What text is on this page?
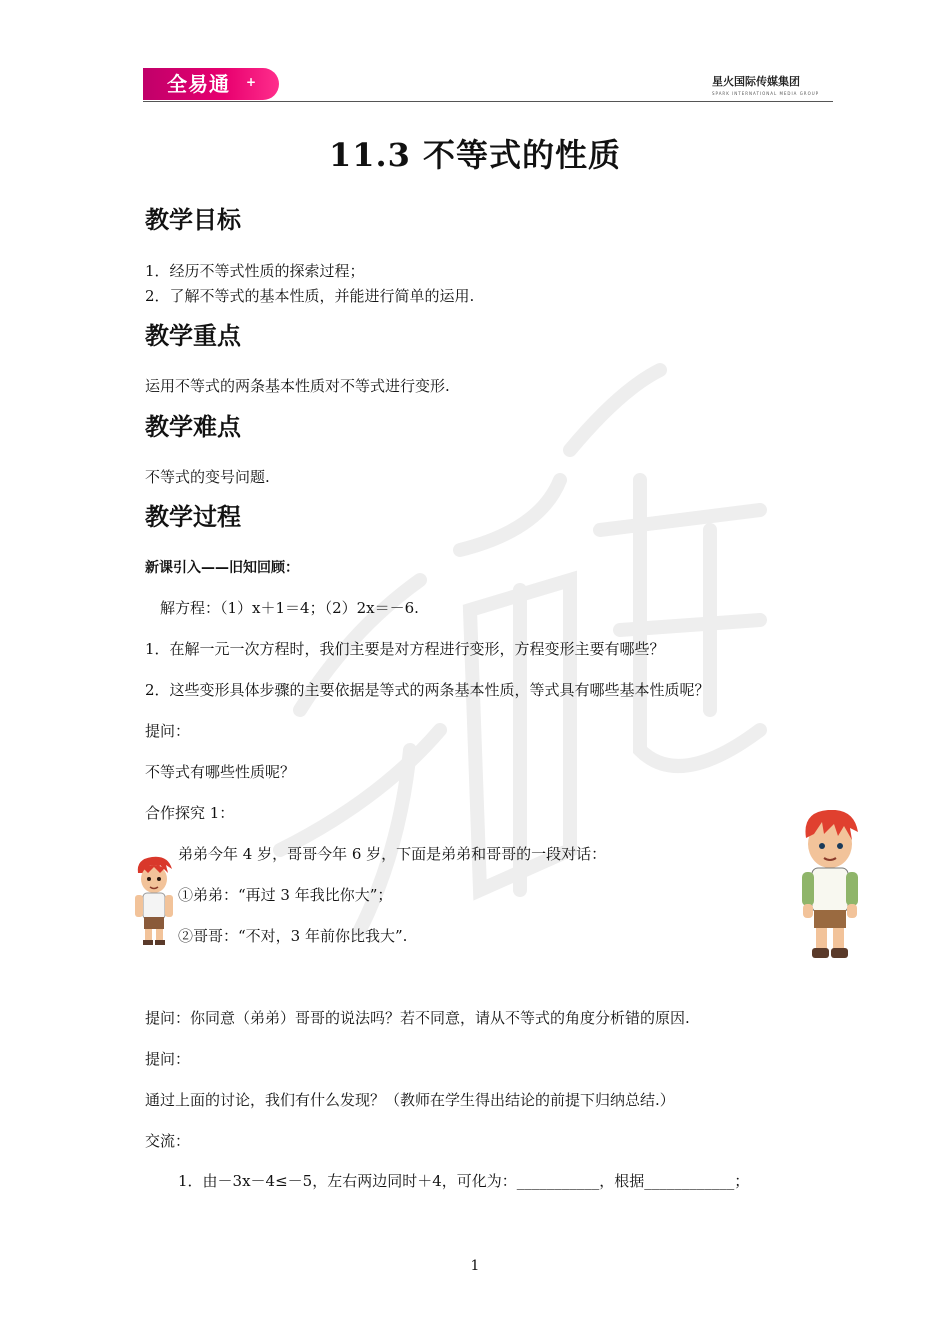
全易通 +	星火国际传媒集团
SPARK INTERNATIONAL MEDIA GROUP
11.3 不等式的性质
教学目标
1．经历不等式性质的探索过程；
2．了解不等式的基本性质，并能进行简单的运用.
教学重点
运用不等式的两条基本性质对不等式进行变形.
教学难点
不等式的变号问题.
教学过程
新课引入——旧知回顾：
解方程：（1）x＋1＝4；（2）2x＝－6.
1．在解一元一次方程时，我们主要是对方程进行变形，方程变形主要有哪些？
2．这些变形具体步骤的主要依据是等式的两条基本性质，等式具有哪些基本性质呢？
提问：
不等式有哪些性质呢？
合作探究 1：
弟弟今年 4 岁，哥哥今年 6 岁，下面是弟弟和哥哥的一段对话：
①弟弟：“再过 3 年我比你大”；
②哥哥：“不对，3 年前你比我大”.
提问：你同意（弟弟）哥哥的说法吗？若不同意，请从不等式的角度分析错的原因.
提问：
通过上面的讨论，我们有什么发现？（教师在学生得出结论的前提下归纳总结.）
交流：
1．由－3x－4≤－5，左右两边同时＋4，可化为：___________，根据____________；
1
